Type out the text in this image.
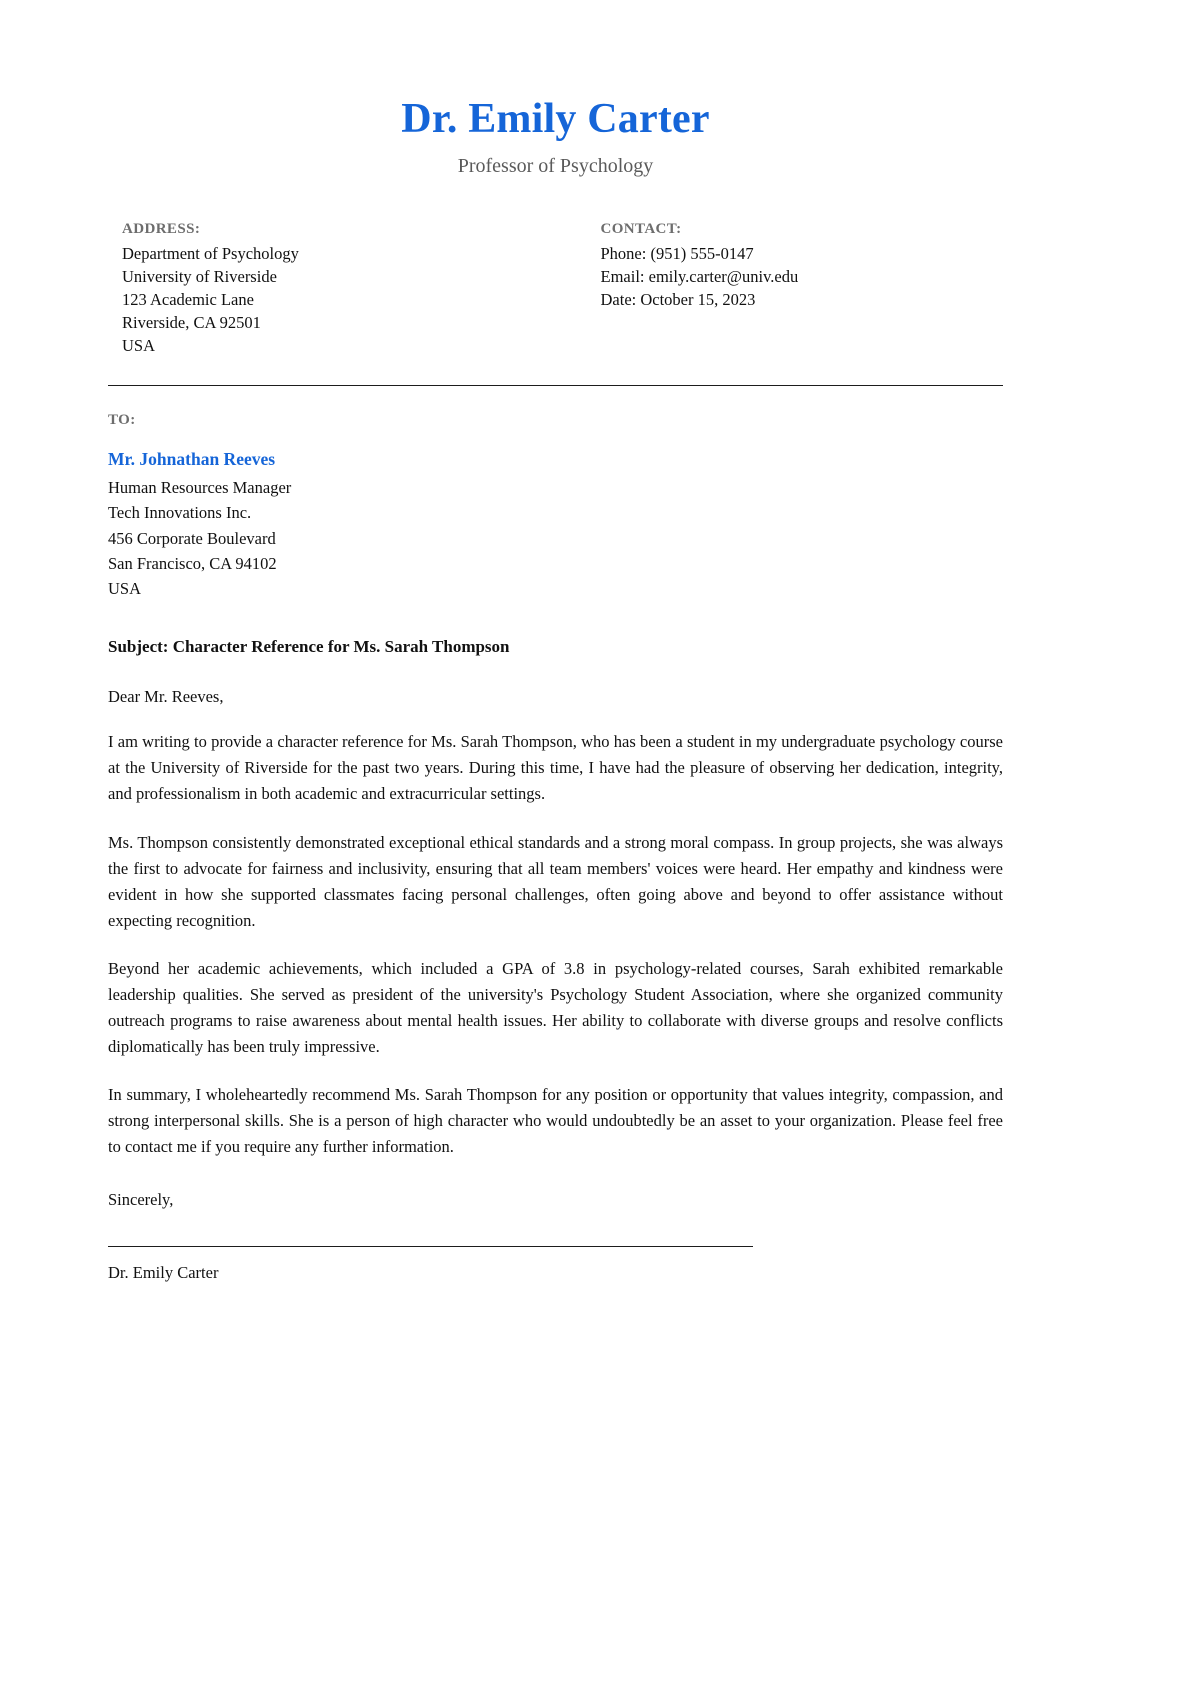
Dr. Emily Carter
Professor of Psychology
ADDRESS:
Department of Psychology
University of Riverside
123 Academic Lane
Riverside, CA 92501
USA
CONTACT:
Phone: (951) 555-0147
Email: emily.carter@univ.edu
Date: October 15, 2023
TO:
Mr. Johnathan Reeves
Human Resources Manager
Tech Innovations Inc.
456 Corporate Boulevard
San Francisco, CA 94102
USA
Subject: Character Reference for Ms. Sarah Thompson
Dear Mr. Reeves,

I am writing to provide a character reference for Ms. Sarah Thompson, who has been a student in my undergraduate psychology course at the University of Riverside for the past two years. During this time, I have had the pleasure of observing her dedication, integrity, and professionalism in both academic and extracurricular settings.

Ms. Thompson consistently demonstrated exceptional ethical standards and a strong moral compass. In group projects, she was always the first to advocate for fairness and inclusivity, ensuring that all team members' voices were heard. Her empathy and kindness were evident in how she supported classmates facing personal challenges, often going above and beyond to offer assistance without expecting recognition.

Beyond her academic achievements, which included a GPA of 3.8 in psychology-related courses, Sarah exhibited remarkable leadership qualities. She served as president of the university's Psychology Student Association, where she organized community outreach programs to raise awareness about mental health issues. Her ability to collaborate with diverse groups and resolve conflicts diplomatically has been truly impressive.

In summary, I wholeheartedly recommend Ms. Sarah Thompson for any position or opportunity that values integrity, compassion, and strong interpersonal skills. She is a person of high character who would undoubtedly be an asset to your organization. Please feel free to contact me if you require any further information.

Sincerely,
Dr. Emily Carter
